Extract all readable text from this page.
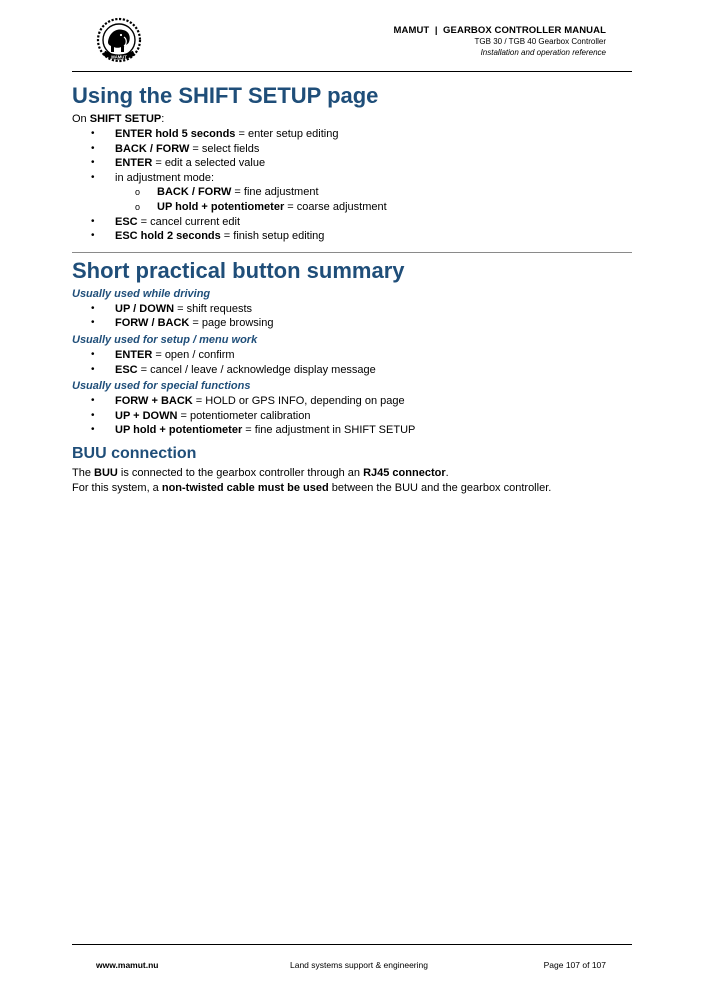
MAMUT
MAMUT  |  GEARBOX CONTROLLER MANUAL
TGB 30 / TGB 40 Gearbox Controller
Installation and operation reference
Using the SHIFT SETUP page

On SHIFT SETUP:

• ENTER hold 5 seconds = enter setup editing
• BACK / FORW = select fields
• ENTER = edit a selected value
• in adjustment mode:
o BACK / FORW = fine adjustment
o UP hold + potentiometer = coarse adjustment
• ESC = cancel current edit
• ESC hold 2 seconds = finish setup editing
Short practical button summary
Usually used while driving
• UP / DOWN = shift requests
• FORW / BACK = page browsing
Usually used for setup / menu work
• ENTER = open / confirm
• ESC = cancel / leave / acknowledge display message
Usually used for special functions
• FORW + BACK = HOLD or GPS INFO, depending on page
• UP + DOWN = potentiometer calibration
• UP hold + potentiometer = fine adjustment in SHIFT SETUP
BUU connection

The BUU is connected to the gearbox controller through an RJ45 connector.

For this system, a non-twisted cable must be used between the BUU and the gearbox controller.

www.mamut.nu	Land systems support & engineering	Page 107 of 107
